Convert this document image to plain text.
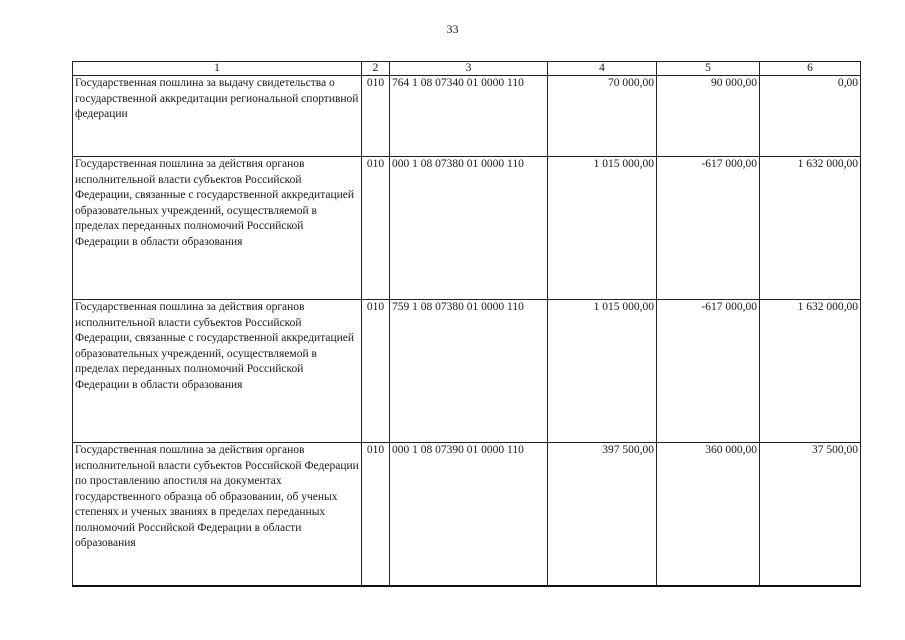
33
1	2	3	4	5	6
Государственная пошлина за выдачу свидетельства о государственной аккредитации региональной спортивной федерации	010	764 1 08 07340 01 0000 110	70 000,00	90 000,00	0,00
Государственная пошлина за действия органов исполнительной власти субъектов Российской Федерации, связанные с государственной аккредитацией образовательных учреждений, осуществляемой в пределах переданных полномочий Российской Федерации в области образования	010	000 1 08 07380 01 0000 110	1 015 000,00	-617 000,00	1 632 000,00
Государственная пошлина за действия органов исполнительной власти субъектов Российской Федерации, связанные с государственной аккредитацией образовательных учреждений, осуществляемой в пределах переданных полномочий Российской Федерации в области образования	010	759 1 08 07380 01 0000 110	1 015 000,00	-617 000,00	1 632 000,00
Государственная пошлина за действия органов исполнительной власти субъектов Российской Федерации по проставлению апостиля на документах государственного образца об образовании, об ученых степенях и ученых званиях в пределах переданных полномочий Российской Федерации в области образования	010	000 1 08 07390 01 0000 110	397 500,00	360 000,00	37 500,00
